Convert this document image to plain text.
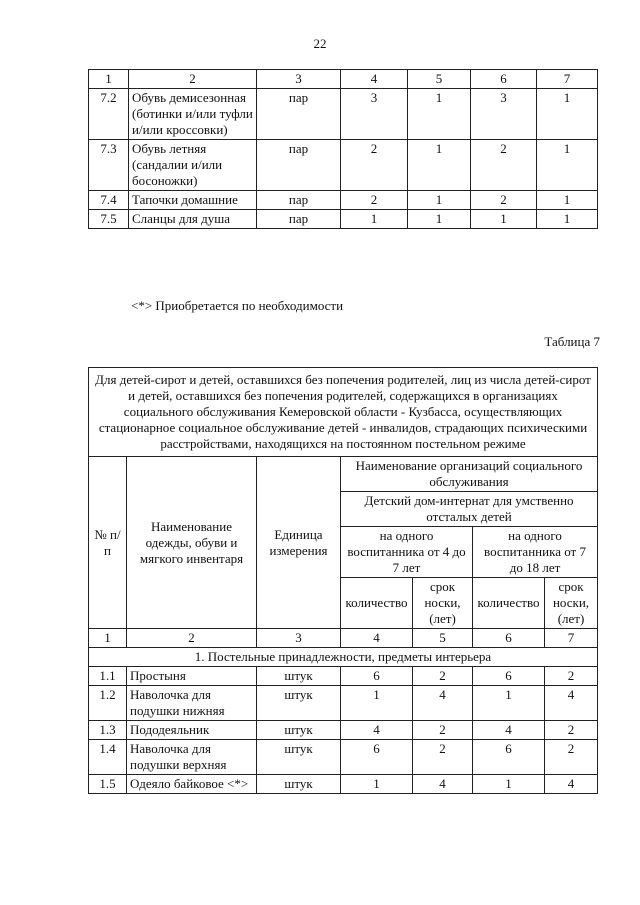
22
1	2	3	4	5	6	7
7.2	Обувь демисезонная (ботинки и/или туфли и/или кроссовки)	пар	3	1	3	1
7.3	Обувь летняя (сандалии и/или босоножки)	пар	2	1	2	1
7.4	Тапочки домашние	пар	2	1	2	1
7.5	Сланцы для душа	пар	1	1	1	1
<*> Приобретается по необходимости
Таблица 7
Для детей-сирот и детей, оставшихся без попечения родителей, лиц из числа детей-сирот и детей, оставшихся без попечения родителей, содержащихся в организациях социального обслуживания Кемеровской области - Кузбасса, осуществляющих стационарное социальное обслуживание детей - инвалидов, страдающих психическими расстройствами, находящихся на постоянном постельном режиме						
№ п/п	Наименование одежды, обуви и мягкого инвентаря	Единица измерения	Наименование организаций социального обслуживания			
			Детский дом-интернат для умственно отсталых детей			
			на одного воспитанника от 4 до 7 лет		на одного воспитанника от 7 до 18 лет	
			количество	срок носки, (лет)	количество	срок носки, (лет)
1	2	3	4	5	6	7
1. Постельные принадлежности, предметы интерьера						
1.1	Простыня	штук	6	2	6	2
1.2	Наволочка для подушки нижняя	штук	1	4	1	4
1.3	Пододеяльник	штук	4	2	4	2
1.4	Наволочка для подушки верхняя	штук	6	2	6	2
1.5	Одеяло байковое <*>	штук	1	4	1	4
